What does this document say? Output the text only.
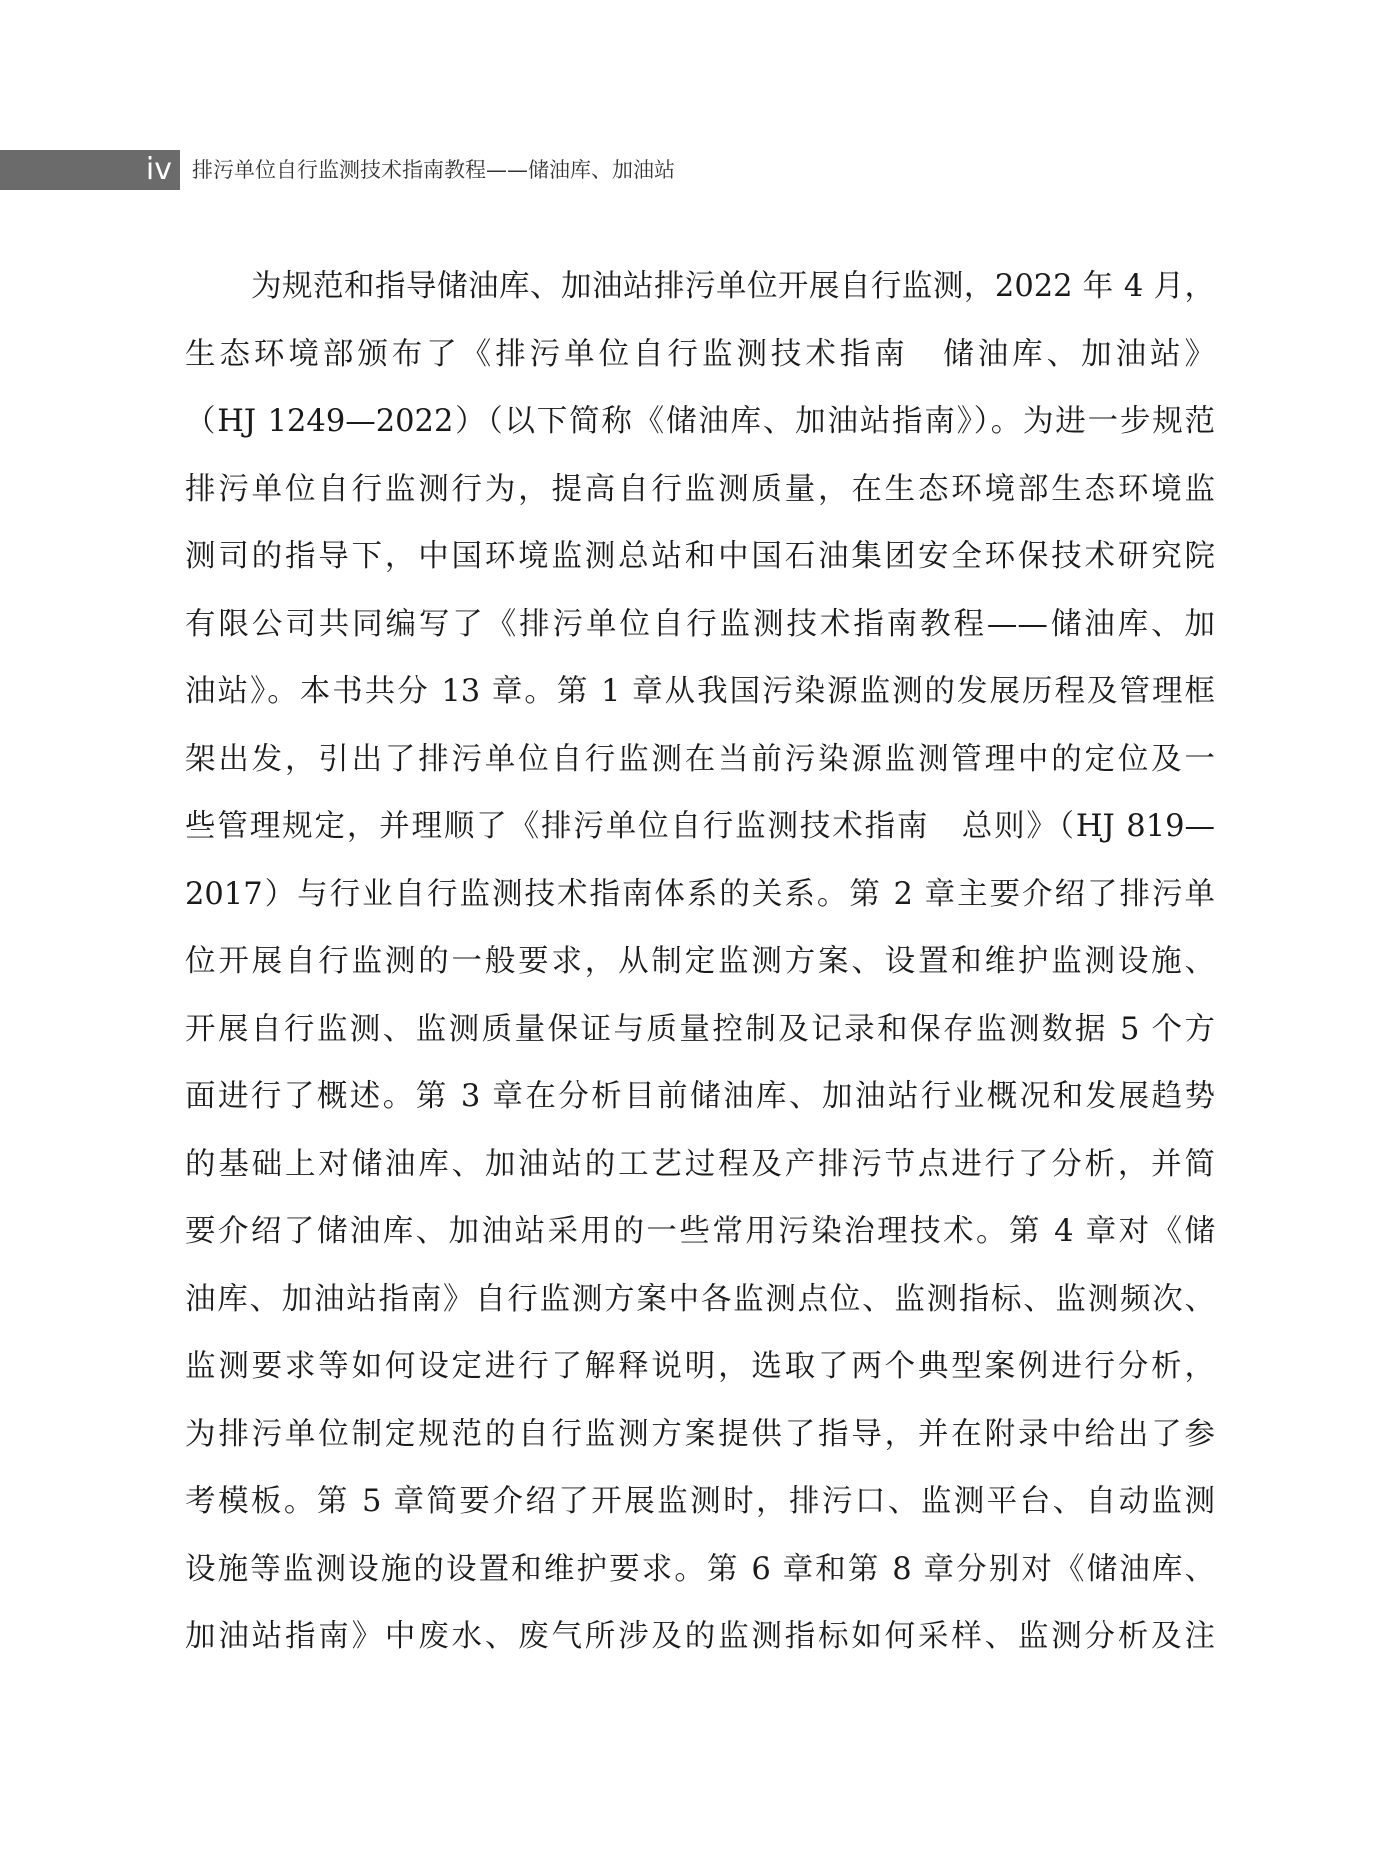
iv 排污单位自行监测技术指南教程——储油库、加油站
为规范和指导储油库、加油站排污单位开展自行监测，2022 年 4 月，
生态环境部颁布了《排污单位自行监测技术指南　储油库、加油站》
（HJ 1249—2022）（以下简称《储油库、加油站指南》）。为进一步规范
排污单位自行监测行为，提高自行监测质量，在生态环境部生态环境监
测司的指导下，中国环境监测总站和中国石油集团安全环保技术研究院
有限公司共同编写了《排污单位自行监测技术指南教程——储油库、加
油站》。本书共分 13 章。第 1 章从我国污染源监测的发展历程及管理框
架出发，引出了排污单位自行监测在当前污染源监测管理中的定位及一
些管理规定，并理顺了《排污单位自行监测技术指南　总则》（HJ 819—
2017）与行业自行监测技术指南体系的关系。第 2 章主要介绍了排污单
位开展自行监测的一般要求，从制定监测方案、设置和维护监测设施、
开展自行监测、监测质量保证与质量控制及记录和保存监测数据 5 个方
面进行了概述。第 3 章在分析目前储油库、加油站行业概况和发展趋势
的基础上对储油库、加油站的工艺过程及产排污节点进行了分析，并简
要介绍了储油库、加油站采用的一些常用污染治理技术。第 4 章对《储
油库、加油站指南》自行监测方案中各监测点位、监测指标、监测频次、
监测要求等如何设定进行了解释说明，选取了两个典型案例进行分析，
为排污单位制定规范的自行监测方案提供了指导，并在附录中给出了参
考模板。第 5 章简要介绍了开展监测时，排污口、监测平台、自动监测
设施等监测设施的设置和维护要求。第 6 章和第 8 章分别对《储油库、
加油站指南》中废水、废气所涉及的监测指标如何采样、监测分析及注
